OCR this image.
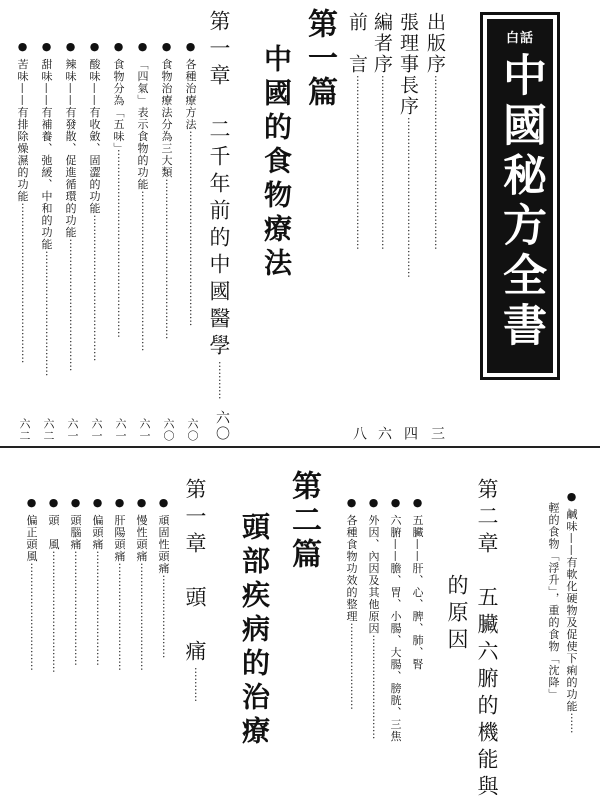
白話
中國秘方全書
出版序··················································
三
張理事長序··············································
四
編者序··················································
六
前　言··················································
八
第一篇
中國的食物療法
第一章　二千年前的中國醫學···········
六〇
● 各種治療方法························································
六〇
● 食物治療法分為三大類··············································
六〇
● 「四氣」表示食物的功能··············································
六一
● 食物分為「五味」······················································
六一
● 酸味——有收斂、固澀的功能··········································
六一
● 辣味——有發散、促進循環的功能······································
六一
● 甜味——有補養、弛緩、中和的功能····································
六二
● 苦味——有排除燥濕的功能··············································
六二
● 鹹味——有軟化硬物及促使下痢的功能······
輕的食物「浮升」，重的食物「沈降」
第二章　五臟六腑的機能與
的原因
● 五臟——肝、心、脾、肺、腎
● 六腑——膽、胃、小腸、大腸、膀胱、三焦
● 外因、內因及其他原因······························
● 各種食物功效的整理·························
第二篇
頭部疾病的治療
第一章　頭　痛··········
● 頑固性頭痛························
● 慢性頭痛·······························
● 肝陽頭痛·······························
● 偏頭痛·································
● 頭腦痛·································
● 頭　風···································
● 偏正頭風·······························
